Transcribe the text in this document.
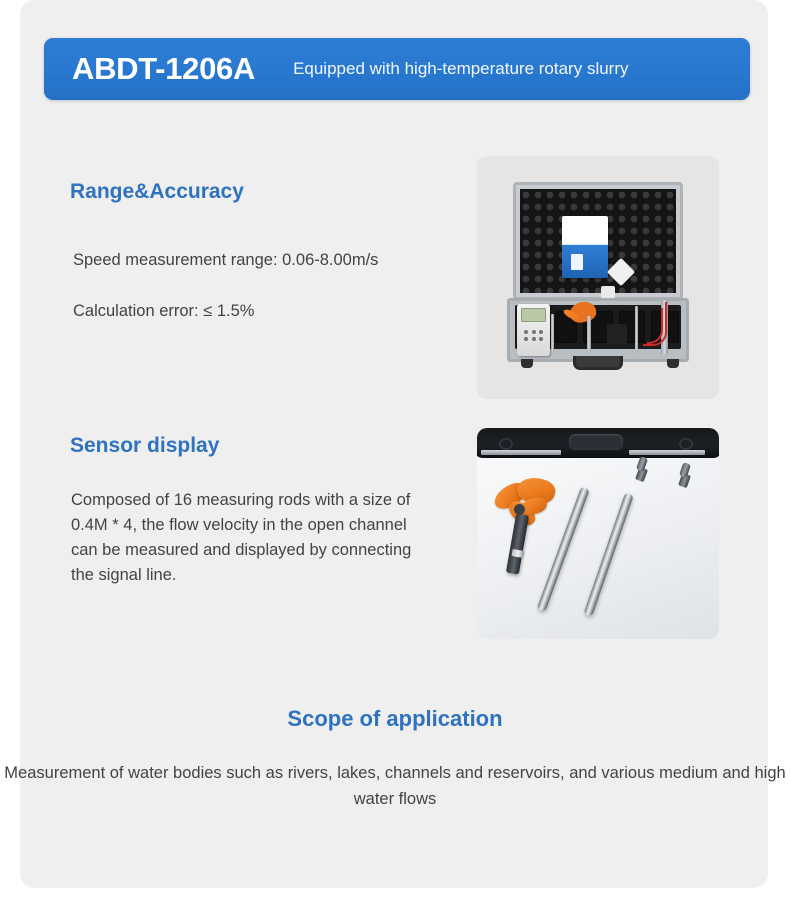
ABDT-1206A Equipped with high-temperature rotary slurry
Range&Accuracy
Speed measurement range: 0.06-8.00m/s
Calculation error: ≤ 1.5%
Sensor display
Composed of 16 measuring rods with a size of 0.4M * 4, the flow velocity in the open channel can be measured and displayed by connecting the signal line.
Scope of application
Measurement of water bodies such as rivers, lakes, channels and reservoirs, and various medium and high water flows
